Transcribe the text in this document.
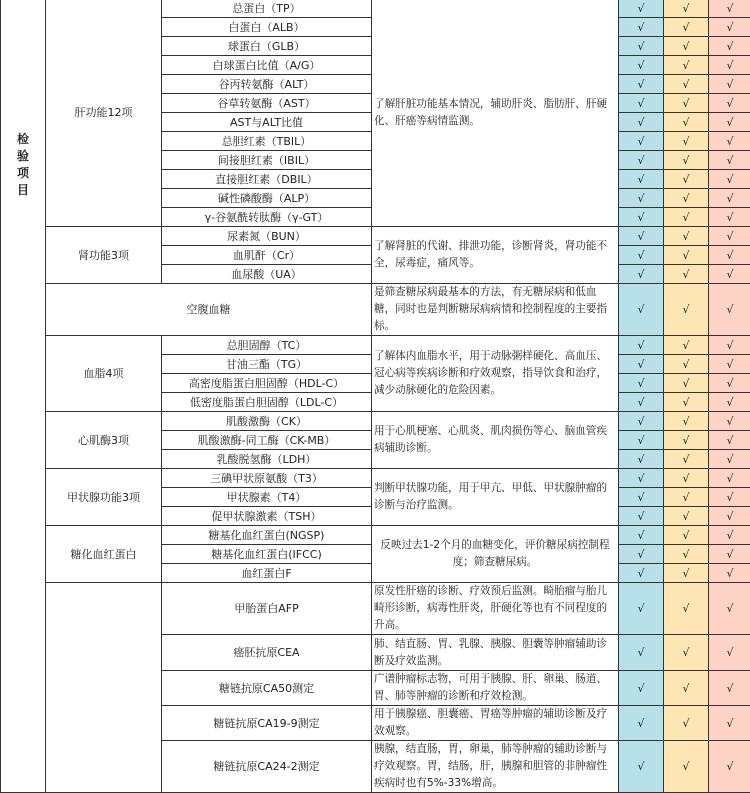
检验项目	肝功能12项	总蛋白（TP）	了解肝脏功能基本情况，辅助肝炎、脂肪肝、肝硬化、肝癌等病情监测。	√	√	√
		白蛋白（ALB）		√	√	√
		球蛋白（GLB）		√	√	√
		白球蛋白比值（A/G）		√	√	√
		谷丙转氨酶（ALT）		√	√	√
		谷草转氨酶（AST）		√	√	√
		AST与ALT比值		√	√	√
		总胆红素（TBIL）		√	√	√
		间接胆红素（IBIL）		√	√	√
		直接胆红素（DBIL）		√	√	√
		碱性磷酸酶（ALP）		√	√	√
		γ-谷氨酰转肽酶（γ-GT）		√	√	√
	肾功能3项	尿素氮（BUN）	了解肾脏的代谢、排泄功能，诊断肾炎，肾功能不全，尿毒症，痛风等。	√	√	√
		血肌酐（Cr）		√	√	√
		血尿酸（UA）		√	√	√
	空腹血糖		是筛查糖尿病最基本的方法，有无糖尿病和低血糖，同时也是判断糖尿病病情和控制程度的主要指标。	√	√	√
	血脂4项	总胆固醇（TC）	了解体内血脂水平，用于动脉粥样硬化、高血压、冠心病等疾病诊断和疗效观察，指导饮食和治疗，减少动脉硬化的危险因素。	√	√	√
		甘油三酯（TG）		√	√	√
		高密度脂蛋白胆固醇（HDL-C）		√	√	√
		低密度脂蛋白胆固醇（LDL-C）		√	√	√
	心肌酶3项	肌酸激酶（CK）	用于心肌梗塞、心肌炎、肌肉损伤等心、脑血管疾病辅助诊断。	√	√	√
		肌酸激酶-同工酶（CK-MB）		√	√	√
		乳酸脱氢酶（LDH）		√	√	√
	甲状腺功能3项	三碘甲状原氨酸（T3）	判断甲状腺功能，用于甲亢、甲低、甲状腺肿瘤的诊断与治疗监测。	√	√	√
		甲状腺素（T4）		√	√	√
		促甲状腺激素（TSH）		√	√	√
	糖化血红蛋白	糖基化血红蛋白(NGSP)	反映过去1-2个月的血糖变化，评价糖尿病控制程度；筛查糖尿病。	√	√	√
		糖基化血红蛋白(IFCC)		√	√	√
		血红蛋白F		√	√	√
		甲胎蛋白AFP	原发性肝癌的诊断、疗效预后监测。畸胎瘤与胎儿畸形诊断，病毒性肝炎，肝硬化等也有不同程度的升高。	√	√	√
		癌胚抗原CEA	肺、结直肠、胃、乳腺、胰腺、胆囊等肿瘤辅助诊断及疗效监测。	√	√	√
		糖链抗原CA50测定	广谱肿瘤标志物，可用于胰腺、肝、卵巢、肠道、胃、肺等肿瘤的诊断和疗效检测。	√	√	√
		糖链抗原CA19-9测定	用于胰腺癌、胆囊癌、胃癌等肿瘤的辅助诊断及疗效观察。	√	√	√
		糖链抗原CA24-2测定	胰腺，结直肠，胃，卵巢，肺等肿瘤的辅助诊断与疗效观察。胃，结肠，肝，胰腺和胆管的非肿瘤性疾病时也有5%-33%增高。	√	√	√
